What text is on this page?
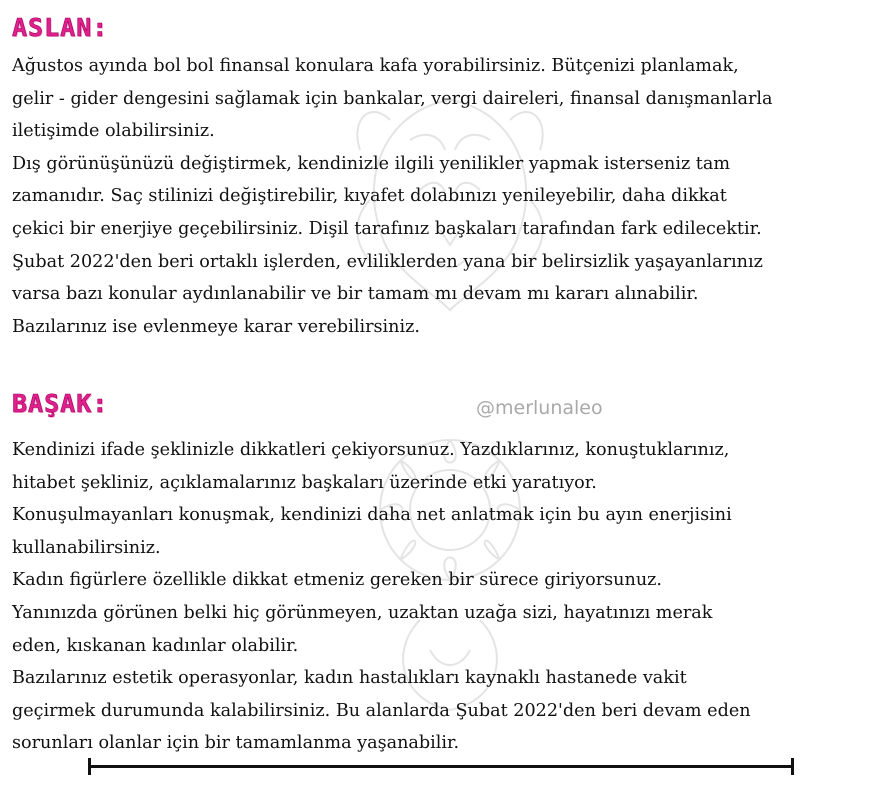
ASLAN:

Ağustos ayında bol bol finansal konulara kafa yorabilirsiniz. Bütçenizi planlamak,
gelir - gider dengesini sağlamak için bankalar, vergi daireleri, finansal danışmanlarla
iletişimde olabilirsiniz.
Dış görünüşünüzü değiştirmek, kendinizle ilgili yenilikler yapmak isterseniz tam
zamanıdır. Saç stilinizi değiştirebilir, kıyafet dolabınızı yenileyebilir, daha dikkat
çekici bir enerjiye geçebilirsiniz. Dişil tarafınız başkaları tarafından fark edilecektir.
Şubat 2022'den beri ortaklı işlerden, evliliklerden yana bir belirsizlik yaşayanlarınız
varsa bazı konular aydınlanabilir ve bir tamam mı devam mı kararı alınabilir.
Bazılarınız ise evlenmeye karar verebilirsiniz.

@merlunaleo
BAŞAK:

Kendinizi ifade şeklinizle dikkatleri çekiyorsunuz. Yazdıklarınız, konuştuklarınız,
hitabet şekliniz, açıklamalarınız başkaları üzerinde etki yaratıyor.
Konuşulmayanları konuşmak, kendinizi daha net anlatmak için bu ayın enerjisini
kullanabilirsiniz.
Kadın figürlere özellikle dikkat etmeniz gereken bir sürece giriyorsunuz.
Yanınızda görünen belki hiç görünmeyen, uzaktan uzağa sizi, hayatınızı merak
eden, kıskanan kadınlar olabilir.
Bazılarınız estetik operasyonlar, kadın hastalıkları kaynaklı hastanede vakit
geçirmek durumunda kalabilirsiniz. Bu alanlarda Şubat 2022'den beri devam eden
sorunları olanlar için bir tamamlanma yaşanabilir.
